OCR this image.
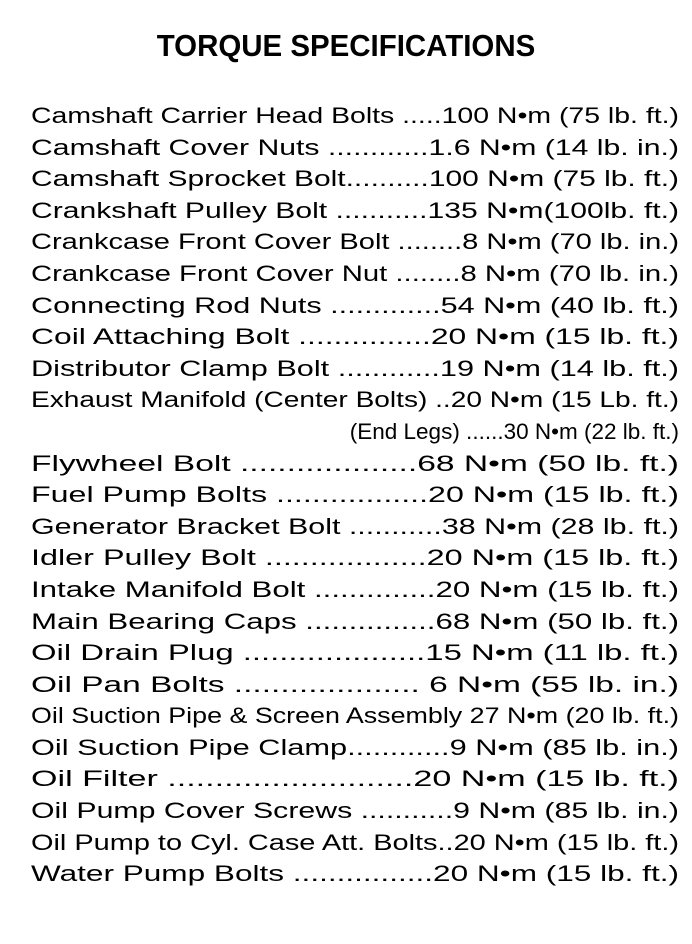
TORQUE SPECIFICATIONS
Camshaft Carrier Head Bolts .....100 N•m (75 lb. ft.)
Camshaft Cover Nuts ............1.6 N•m (14 lb. in.)
Camshaft Sprocket Bolt..........100 N•m (75 lb. ft.)
Crankshaft Pulley Bolt ...........135 N•m(100lb. ft.)
Crankcase Front Cover Bolt ........8 N•m (70 lb. in.)
Crankcase Front Cover Nut ........8 N•m (70 lb. in.)
Connecting Rod Nuts .............54 N•m (40 lb. ft.)
Coil Attaching Bolt ...............20 N•m (15 lb. ft.)
Distributor Clamp Bolt ............19 N•m (14 lb. ft.)
Exhaust Manifold (Center Bolts) ..20 N•m (15 Lb. ft.)
(End Legs) ......30 N•m (22 lb. ft.)
Flywheel Bolt ...................68 N•m (50 lb. ft.)
Fuel Pump Bolts .................20 N•m (15 lb. ft.)
Generator Bracket Bolt ...........38 N•m (28 lb. ft.)
Idler Pulley Bolt ..................20 N•m (15 lb. ft.)
Intake Manifold Bolt ..............20 N•m (15 lb. ft.)
Main Bearing Caps ...............68 N•m (50 lb. ft.)
Oil Drain Plug ....................15 N•m (11 lb. ft.)
Oil Pan Bolts .................... 6 N•m (55 lb. in.)
Oil Suction Pipe & Screen Assembly 27 N•m (20 lb. ft.)
Oil Suction Pipe Clamp............9 N•m (85 lb. in.)
Oil Filter ..........................20 N•m (15 lb. ft.)
Oil Pump Cover Screws ...........9 N•m (85 lb. in.)
Oil Pump to Cyl. Case Att. Bolts..20 N•m (15 lb. ft.)
Water Pump Bolts ................20 N•m (15 lb. ft.)
